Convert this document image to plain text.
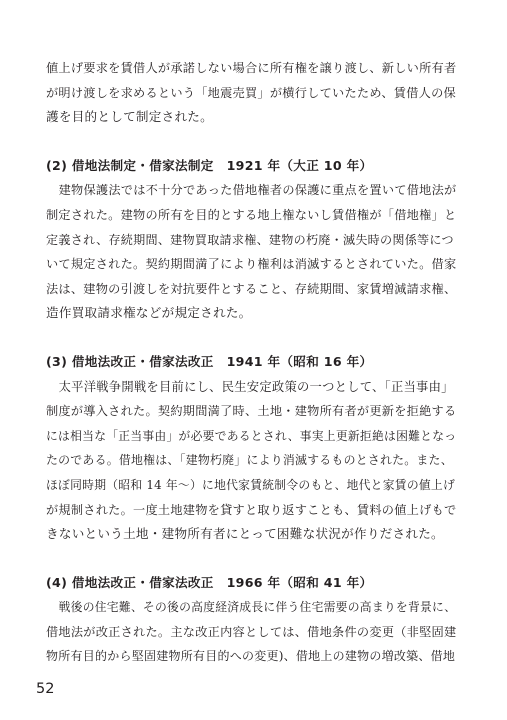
値上げ要求を賃借人が承諾しない場合に所有権を譲り渡し、新しい所有者
が明け渡しを求めるという「地震売買」が横行していたため、賃借人の保
護を目的として制定された。

(2) 借地法制定・借家法制定　1921 年（大正 10 年）

建物保護法では不十分であった借地権者の保護に重点を置いて借地法が
制定された。建物の所有を目的とする地上権ないし賃借権が「借地権」と
定義され、存続期間、建物買取請求権、建物の朽廃・滅失時の関係等につ
いて規定された。契約期間満了により権利は消滅するとされていた。借家
法は、建物の引渡しを対抗要件とすること、存続期間、家賃増減請求権、
造作買取請求権などが規定された。

(3) 借地法改正・借家法改正　1941 年（昭和 16 年）

太平洋戦争開戦を目前にし、民生安定政策の一つとして、「正当事由」
制度が導入された。契約期間満了時、土地・建物所有者が更新を拒絶する
には相当な「正当事由」が必要であるとされ、事実上更新拒絶は困難となっ
たのである。借地権は、「建物朽廃」により消滅するものとされた。また、
ほぼ同時期（昭和 14 年～）に地代家賃統制令のもと、地代と家賃の値上げ
が規制された。一度土地建物を貸すと取り返すことも、賃料の値上げもで
きないという土地・建物所有者にとって困難な状況が作りだされた。

(4) 借地法改正・借家法改正　1966 年（昭和 41 年）

戦後の住宅難、その後の高度経済成長に伴う住宅需要の高まりを背景に、
借地法が改正された。主な改正内容としては、借地条件の変更（非堅固建
物所有目的から堅固建物所有目的への変更)、借地上の建物の増改築、借地

52
